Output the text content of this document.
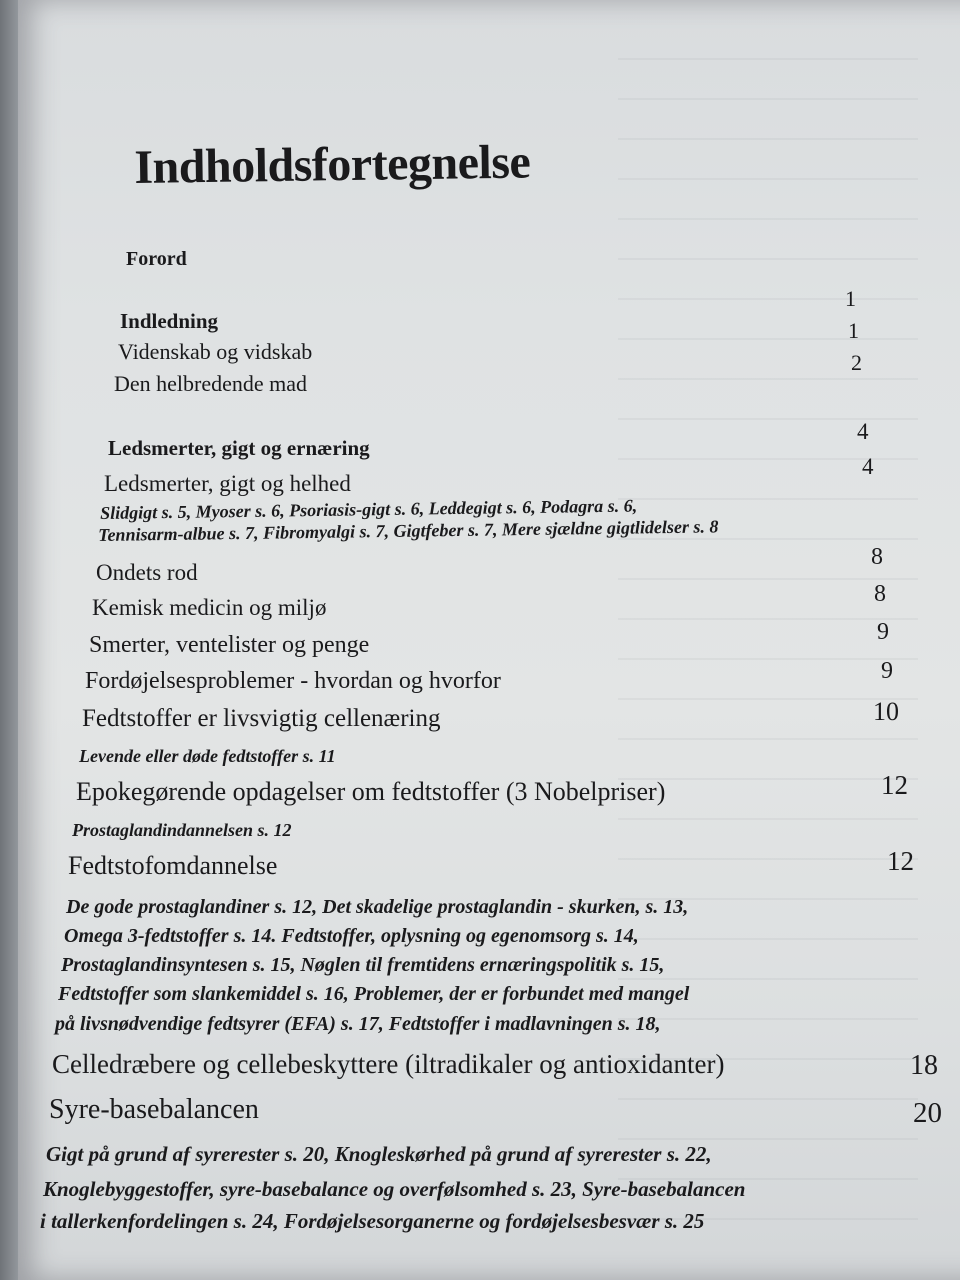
Indholdsfortegnelse
Forord
Indledning
Videnskab og vidskab
Den helbredende mad
Ledsmerter, gigt og ernæring
Ledsmerter, gigt og helhed
Slidgigt s. 5, Myoser s. 6, Psoriasis-gigt s. 6, Leddegigt s. 6, Podagra s. 6,
Tennisarm-albue s. 7, Fibromyalgi s. 7, Gigtfeber s. 7, Mere sjældne gigtlidelser s. 8
Ondets rod
Kemisk medicin og miljø
Smerter, ventelister og penge
Fordøjelsesproblemer - hvordan og hvorfor
Fedtstoffer er livsvigtig cellenæring
Levende eller døde fedtstoffer s. 11
Epokegørende opdagelser om fedtstoffer (3 Nobelpriser)
Prostaglandindannelsen s. 12
Fedtstofomdannelse
De gode prostaglandiner s. 12, Det skadelige prostaglandin - skurken, s. 13,
Omega 3-fedtstoffer s. 14. Fedtstoffer, oplysning og egenomsorg s. 14,
Prostaglandinsyntesen s. 15, Nøglen til fremtidens ernæringspolitik s. 15,
Fedtstoffer som slankemiddel s. 16, Problemer, der er forbundet med mangel
på livsnødvendige fedtsyrer (EFA) s. 17, Fedtstoffer i madlavningen s. 18,
Celledræbere og cellebeskyttere (iltradikaler og antioxidanter)
Syre-basebalancen
Gigt på grund af syrerester s. 20, Knogleskørhed på grund af syrerester s. 22,
Knoglebyggestoffer, syre-basebalance og overfølsomhed s. 23, Syre-basebalancen
i tallerkenfordelingen s. 24, Fordøjelsesorganerne og fordøjelsesbesvær s. 25
1
1
2
4
4
8
8
9
9
10
12
12
18
20
